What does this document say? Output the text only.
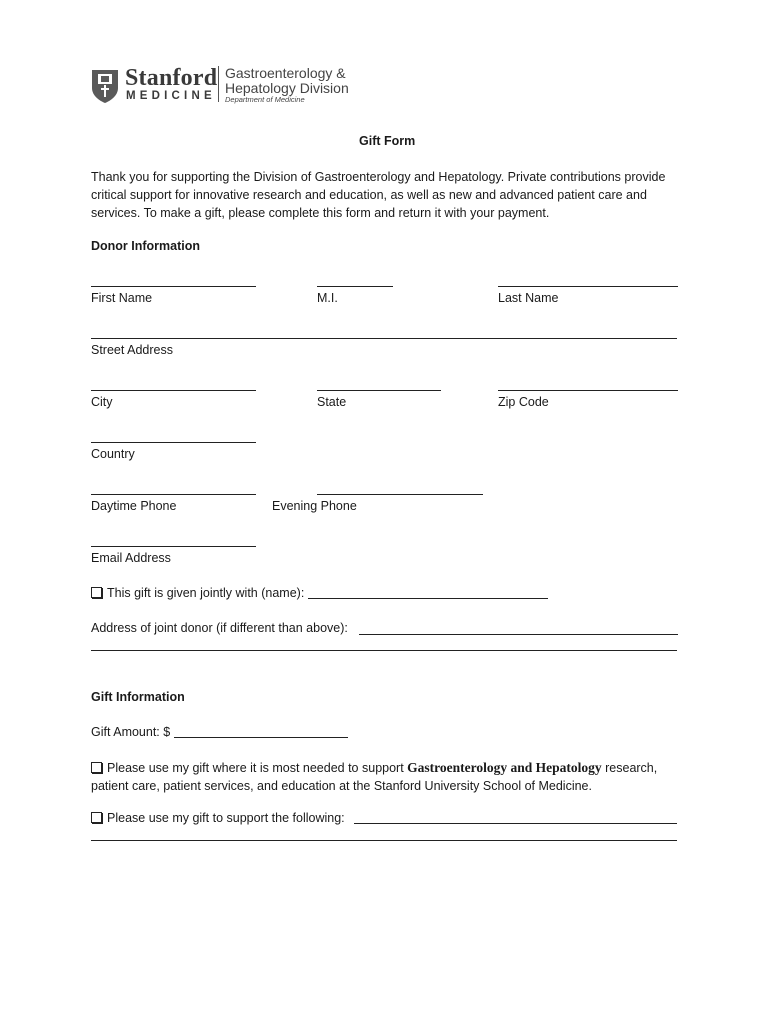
Stanford
MEDICINE
Gastroenterology &
Hepatology Division
Department of Medicine
Gift Form
Thank you for supporting the Division of Gastroenterology and Hepatology. Private contributions provide critical support for innovative research and education, as well as new and advanced patient care and services. To make a gift, please complete this form and return it with your payment.
Donor Information
First Name	M.I.	Last Name
Street Address
City	State	Zip Code
Country
Daytime Phone	Evening Phone
Email Address
This gift is given jointly with (name):
Address of joint donor (if different than above):
Gift Information
Gift Amount: $
Please use my gift where it is most needed to support Gastroenterology and Hepatology research, patient care, patient services, and education at the Stanford University School of Medicine.
Please use my gift to support the following:
